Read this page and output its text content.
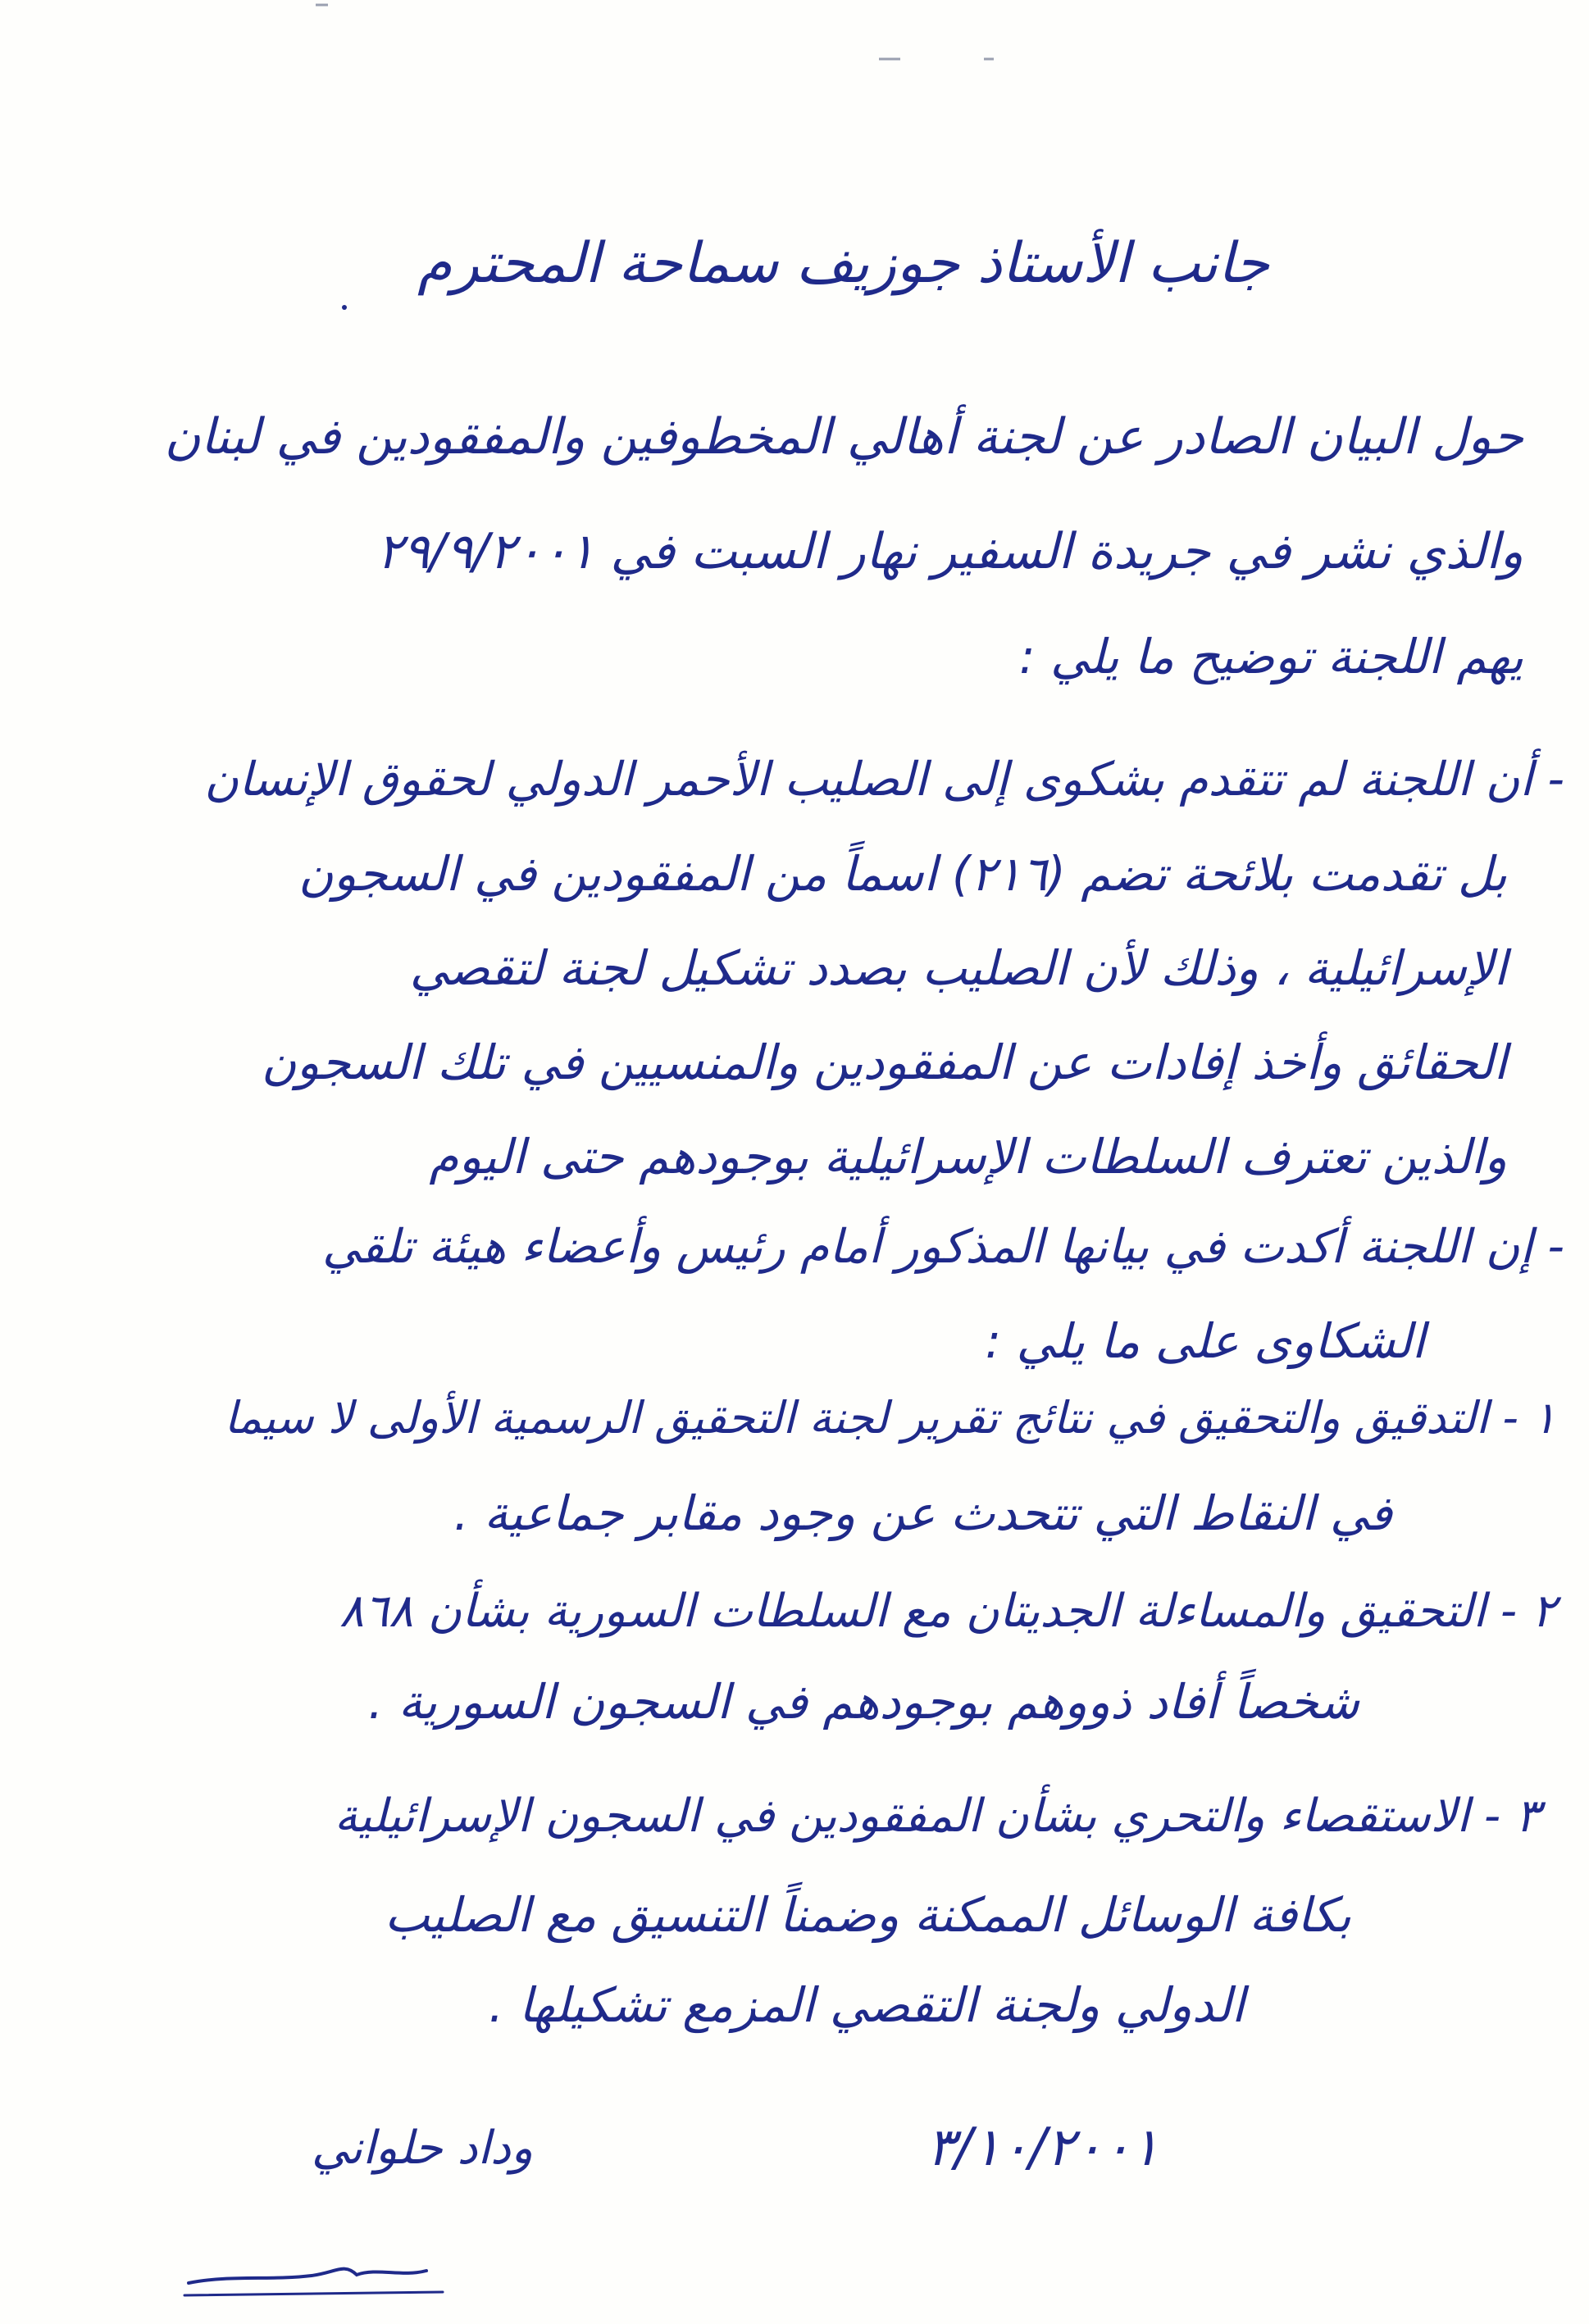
جانب الأستاذ جوزيف سماحة المحترم
حول البيان الصادر عن لجنة أهالي المخطوفين والمفقودين في لبنان
والذي نشر في جريدة السفير نهار السبت في ٢٩/٩/٢٠٠١
يهم اللجنة توضيح ما يلي :
- أن اللجنة لم تتقدم بشكوى إلى الصليب الأحمر الدولي لحقوق الإنسان
بل تقدمت بلائحة تضم (٢١٦) اسماً من المفقودين في السجون
الإسرائيلية ، وذلك لأن الصليب بصدد تشكيل لجنة لتقصي
الحقائق وأخذ إفادات عن المفقودين والمنسيين في تلك السجون
والذين تعترف السلطات الإسرائيلية بوجودهم حتى اليوم
- إن اللجنة أكدت في بيانها المذكور أمام رئيس وأعضاء هيئة تلقي
الشكاوى على ما يلي :
١ - التدقيق والتحقيق في نتائج تقرير لجنة التحقيق الرسمية الأولى لا سيما
في النقاط التي تتحدث عن وجود مقابر جماعية .
٢ - التحقيق والمساءلة الجديتان مع السلطات السورية بشأن ٨٦٨
شخصاً أفاد ذووهم بوجودهم في السجون السورية .
٣ - الاستقصاء والتحري بشأن المفقودين في السجون الإسرائيلية
بكافة الوسائل الممكنة وضمناً التنسيق مع الصليب
الدولي ولجنة التقصي المزمع تشكيلها .
٣/١٠/٢٠٠١
وداد حلواني
